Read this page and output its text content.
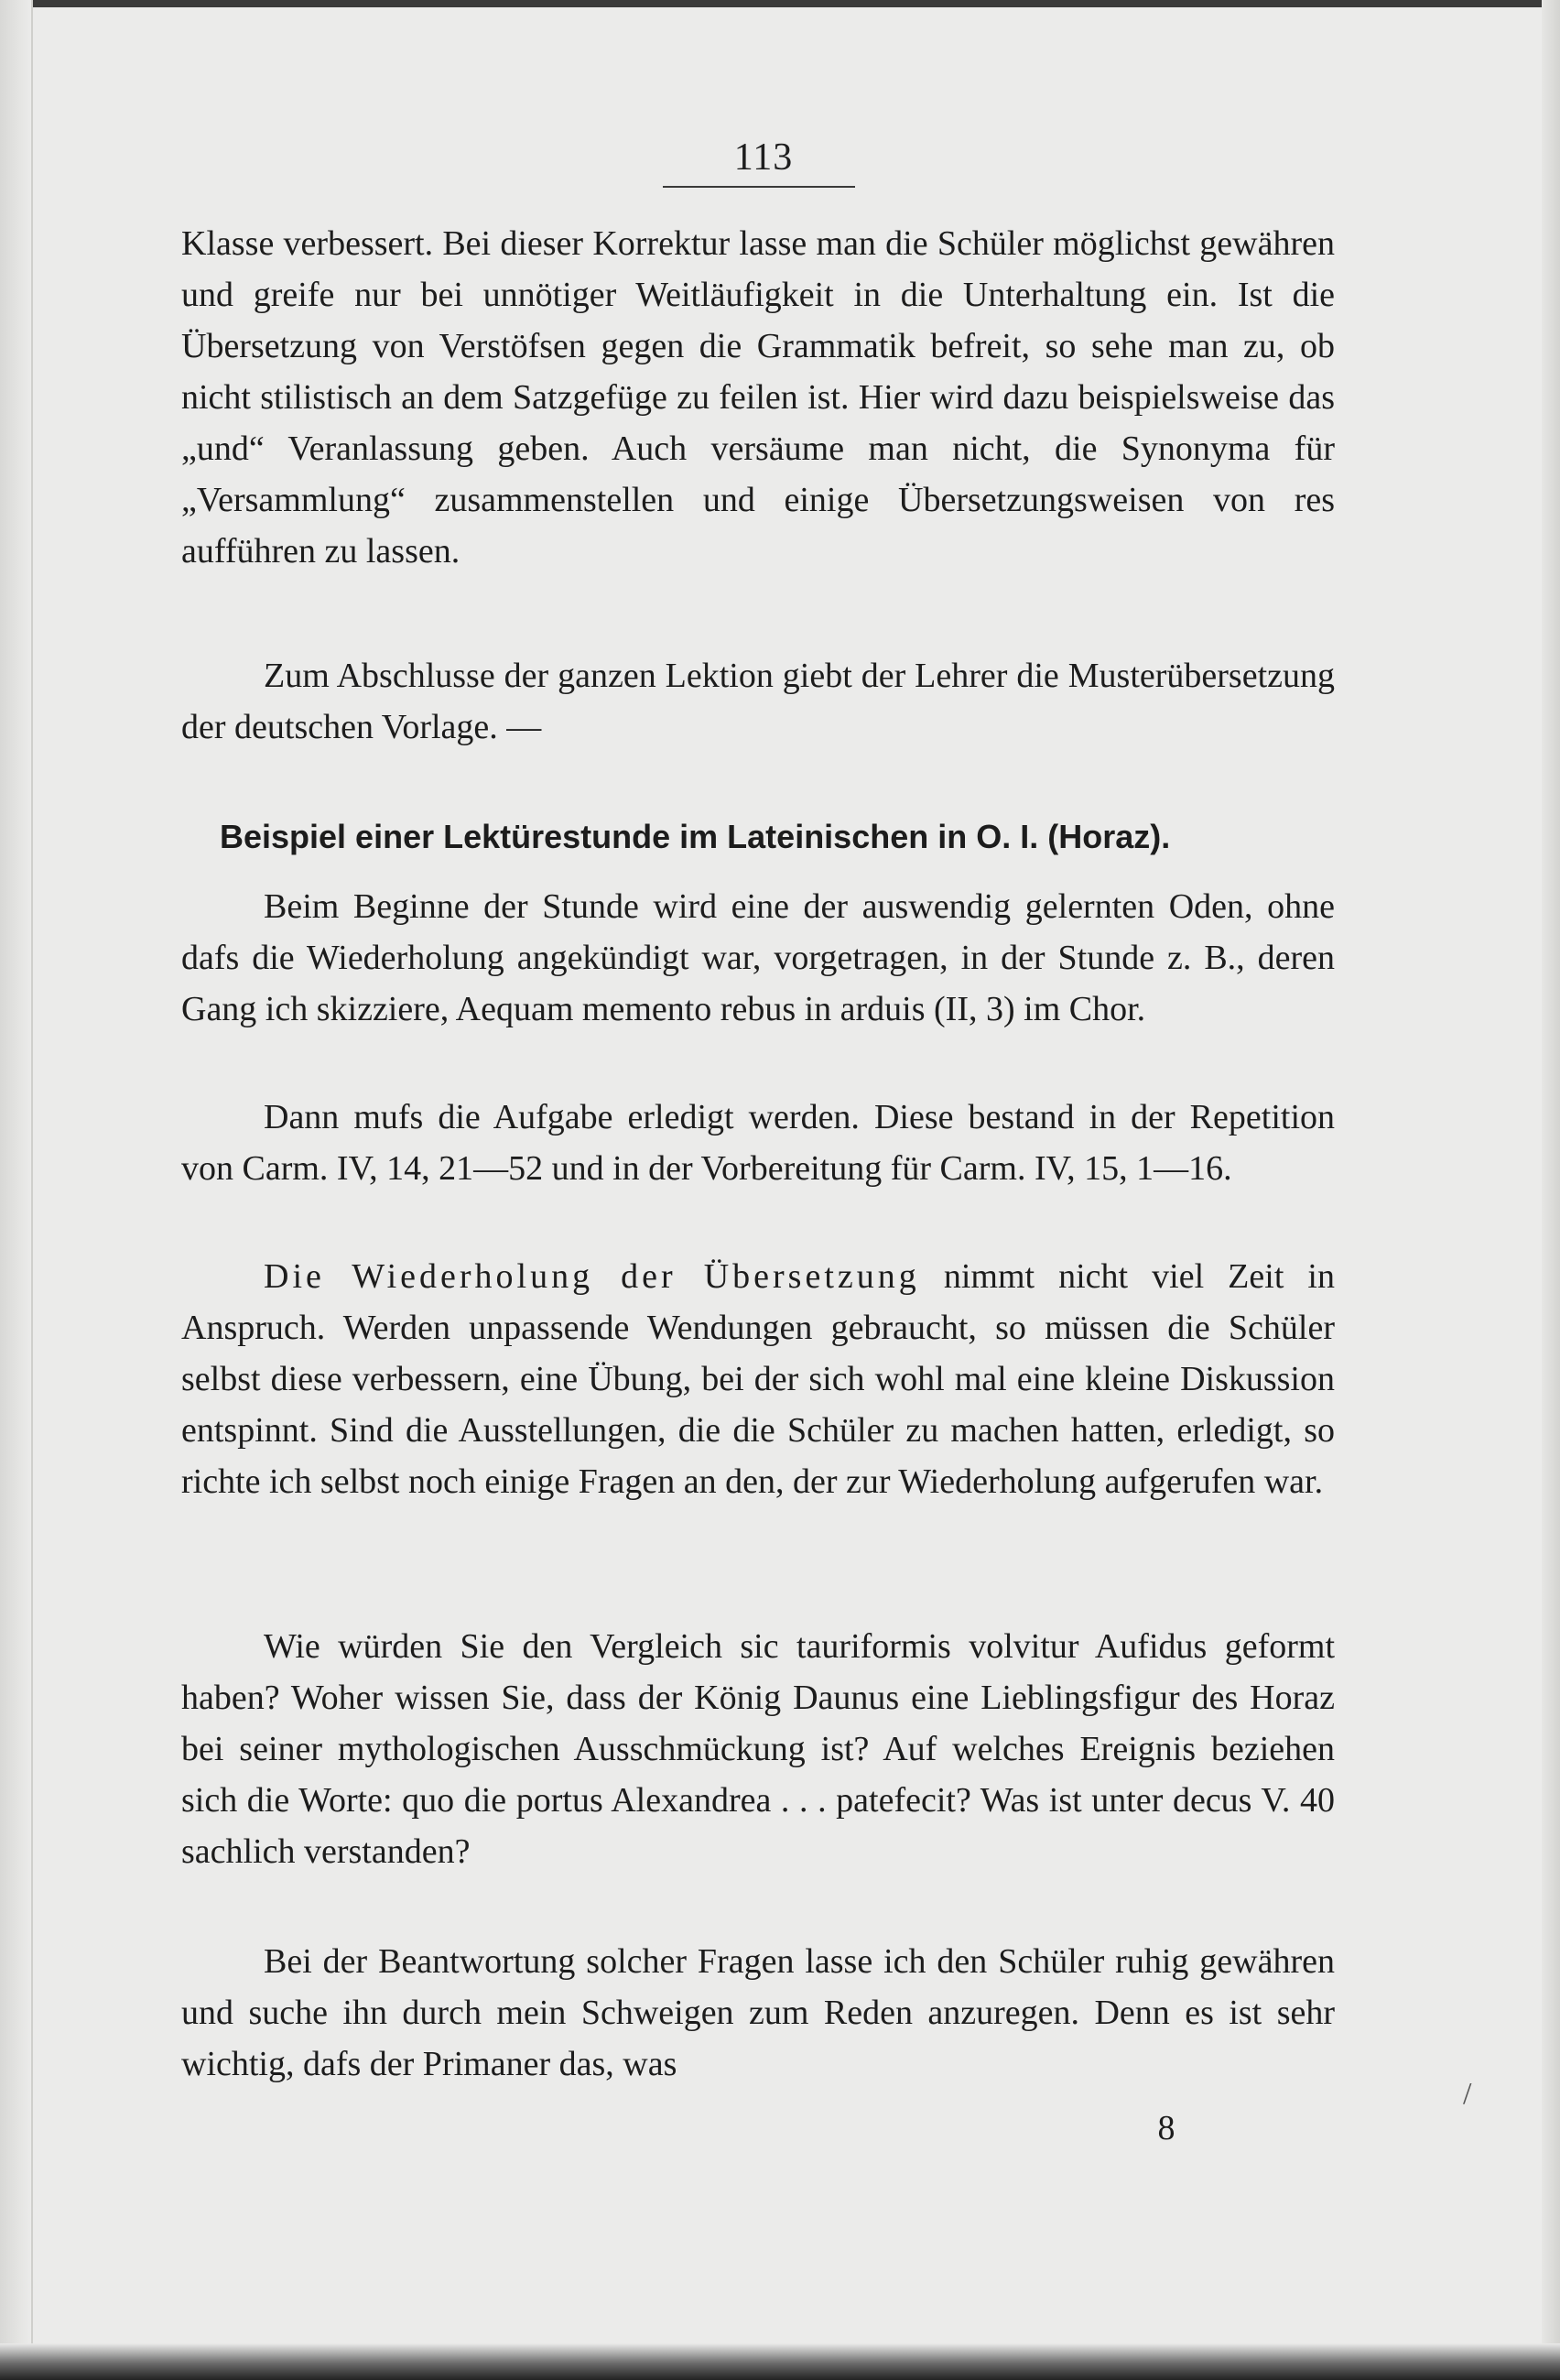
113
Klasse verbessert. Bei dieser Korrektur lasse man die Schüler möglichst gewähren und greife nur bei unnötiger Weitläufigkeit in die Unterhaltung ein. Ist die Übersetzung von Verstöfsen gegen die Grammatik befreit, so sehe man zu, ob nicht stilistisch an dem Satzgefüge zu feilen ist. Hier wird dazu beispielsweise das „und“ Veranlassung geben. Auch versäume man nicht, die Synonyma für „Versammlung“ zusammenstellen und einige Übersetzungsweisen von res aufführen zu lassen.
Zum Abschlusse der ganzen Lektion giebt der Lehrer die Musterübersetzung der deutschen Vorlage. —
Beispiel einer Lektürestunde im Lateinischen in O. I. (Horaz).
Beim Beginne der Stunde wird eine der auswendig gelernten Oden, ohne dafs die Wiederholung angekündigt war, vorgetragen, in der Stunde z. B., deren Gang ich skizziere, Aequam memento rebus in arduis (II, 3) im Chor.
Dann mufs die Aufgabe erledigt werden. Diese bestand in der Repetition von Carm. IV, 14, 21—52 und in der Vorbereitung für Carm. IV, 15, 1—16.
Die Wiederholung der Übersetzung nimmt nicht viel Zeit in Anspruch. Werden unpassende Wendungen gebraucht, so müssen die Schüler selbst diese verbessern, eine Übung, bei der sich wohl mal eine kleine Diskussion entspinnt. Sind die Ausstellungen, die die Schüler zu machen hatten, erledigt, so richte ich selbst noch einige Fragen an den, der zur Wiederholung aufgerufen war.
Wie würden Sie den Vergleich sic tauriformis volvitur Aufidus geformt haben? Woher wissen Sie, dass der König Daunus eine Lieblingsfigur des Horaz bei seiner mythologischen Ausschmückung ist? Auf welches Ereignis beziehen sich die Worte: quo die portus Alexandrea . . . patefecit? Was ist unter decus V. 40 sachlich verstanden?
Bei der Beantwortung solcher Fragen lasse ich den Schüler ruhig gewähren und suche ihn durch mein Schweigen zum Reden anzuregen. Denn es ist sehr wichtig, dafs der Primaner das, was
8
/
